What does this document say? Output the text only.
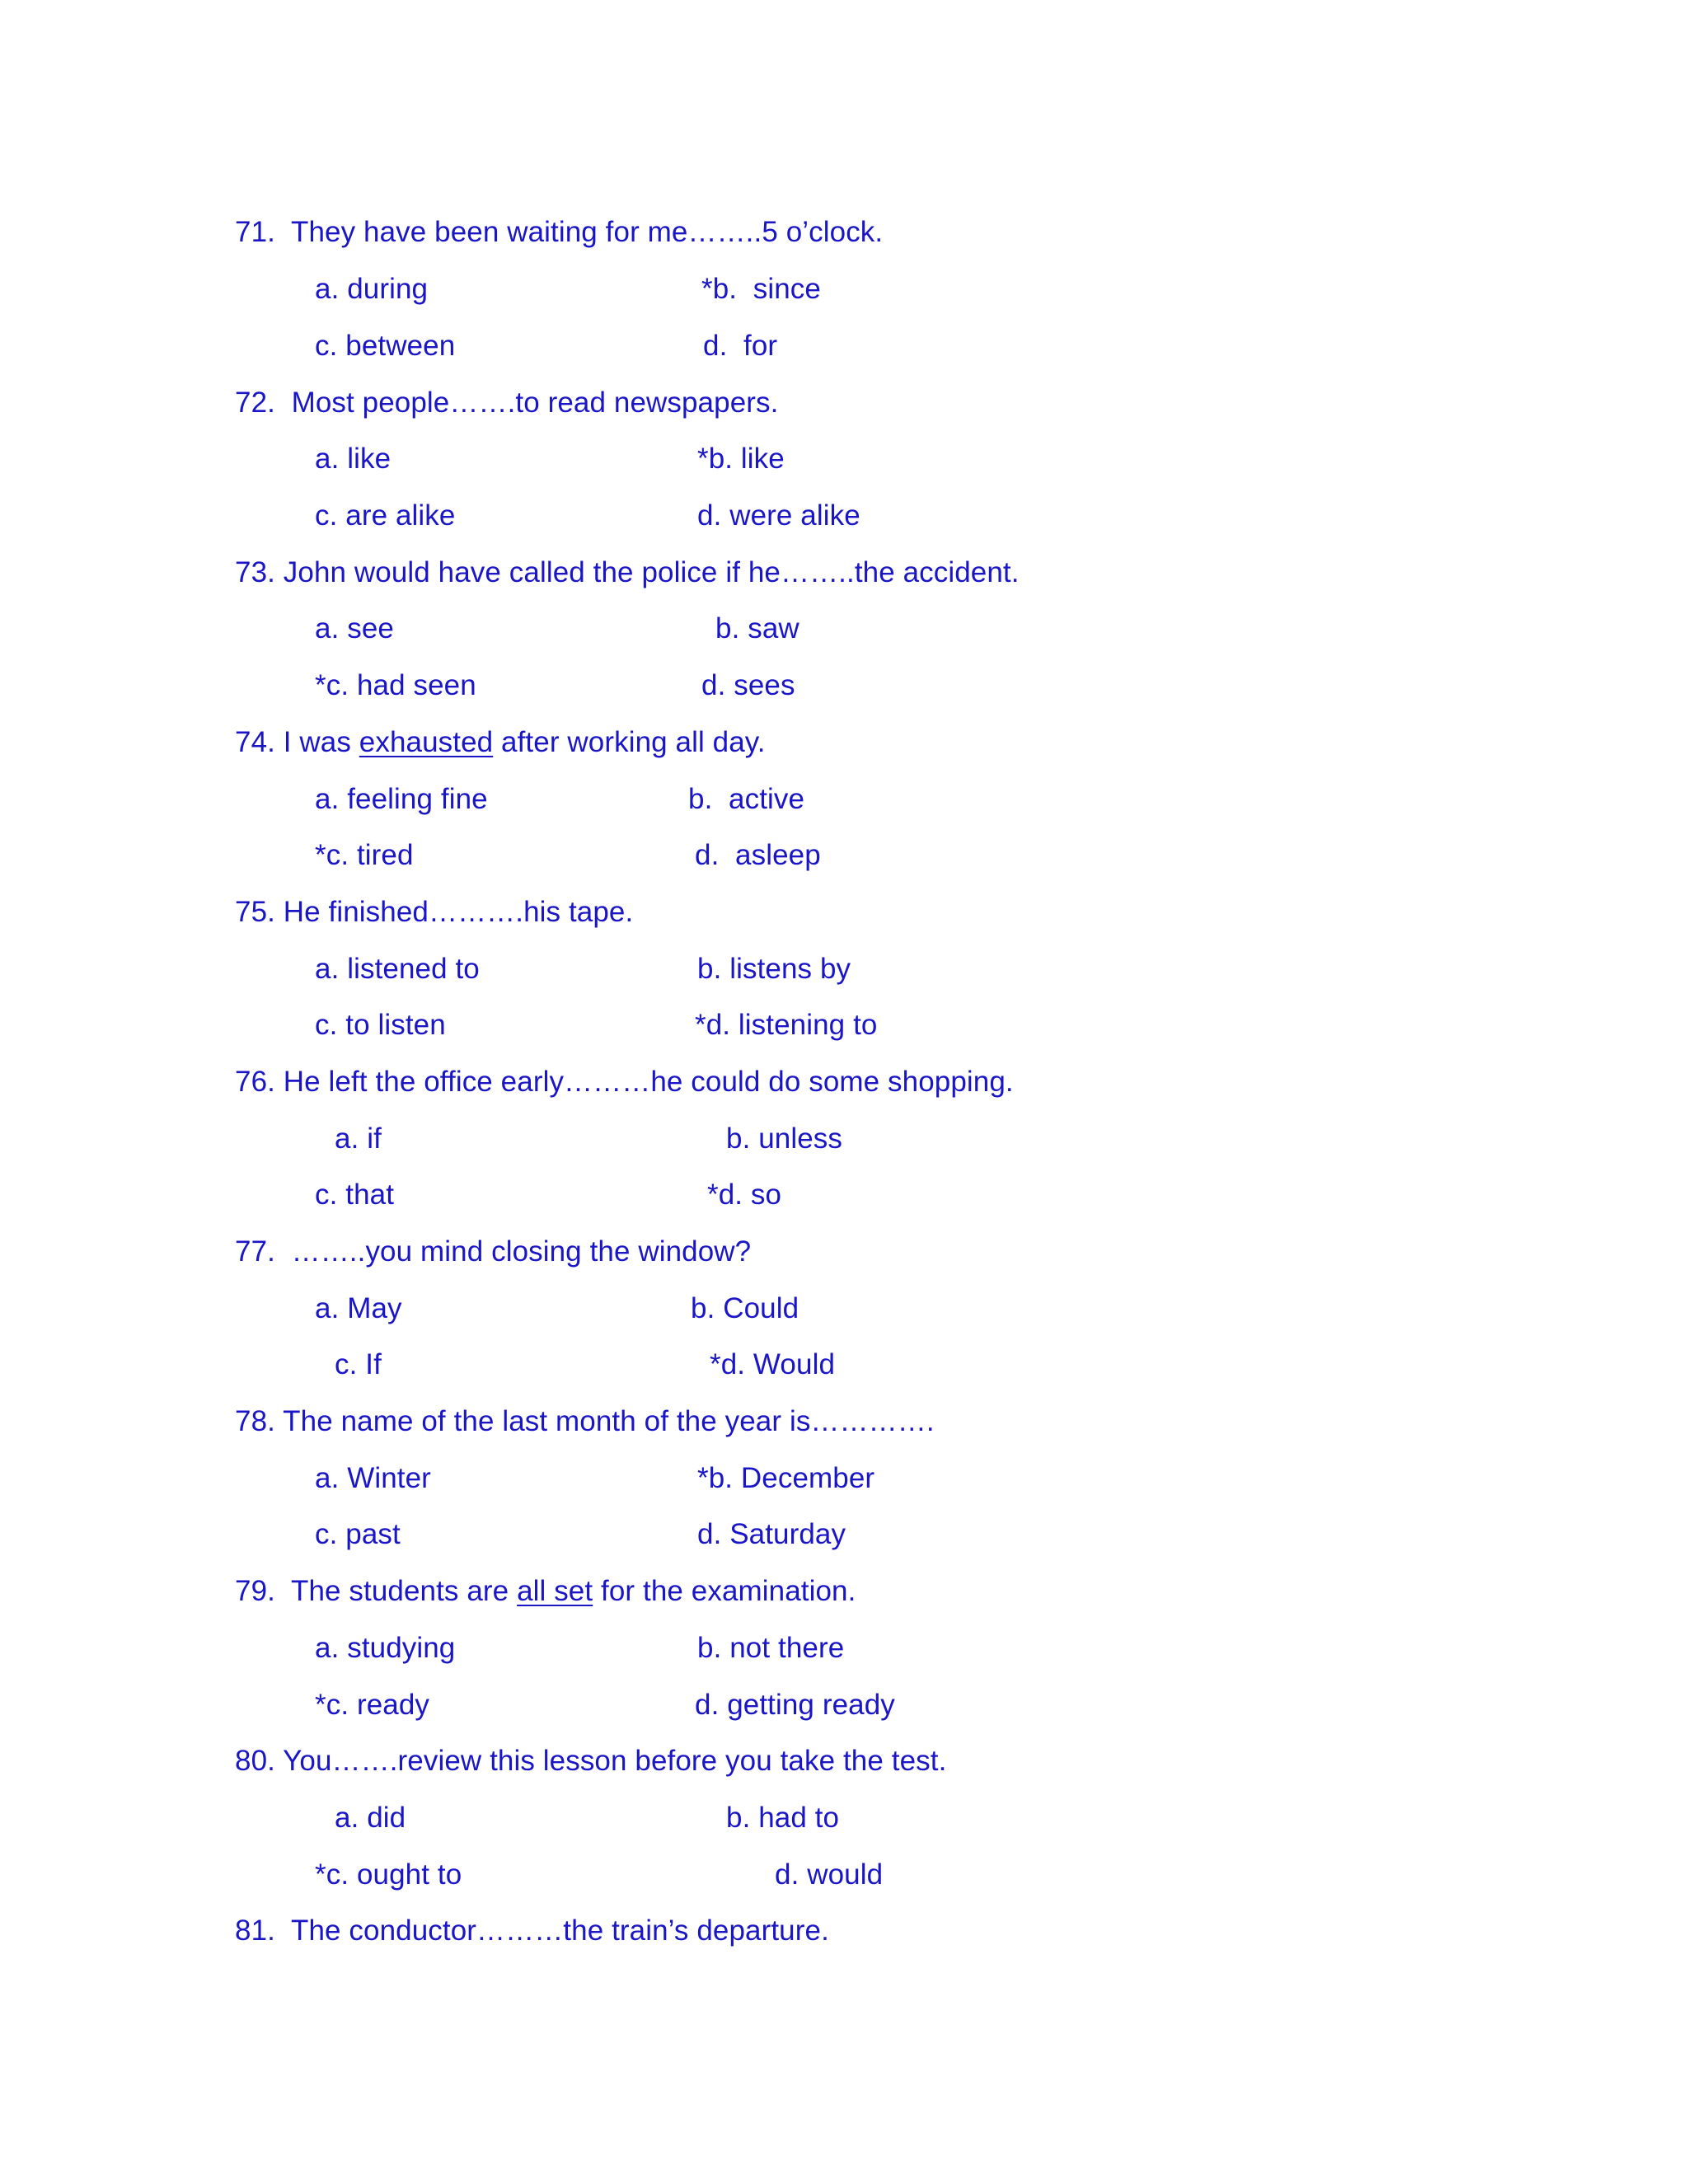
71.  They have been waiting for me……..5 o’clock.
a. during	*b.  since
c. between	d.  for
72.  Most people…….to read newspapers.
a. like	*b. like
c. are alike	d. were alike
73. John would have called the police if he……..the accident.
a. see	b. saw
*c. had seen	d. sees
74. I was exhausted after working all day.
a. feeling fine	b.  active
*c. tired	d.  asleep
75. He finished……….his tape.
a. listened to	b. listens by
c. to listen	*d. listening to
76. He left the office early………he could do some shopping.
a. if	b. unless
c. that	*d. so
77.  ……..you mind closing the window?
a. May	b. Could
c. If	*d. Would
78. The name of the last month of the year is………….
a. Winter	*b. December
c. past	d. Saturday
79.  The students are all set for the examination.
a. studying	b. not there
*c. ready	d. getting ready
80. You…….review this lesson before you take the test.
a. did	b. had to
*c. ought to	d. would
81.  The conductor………the train’s departure.
